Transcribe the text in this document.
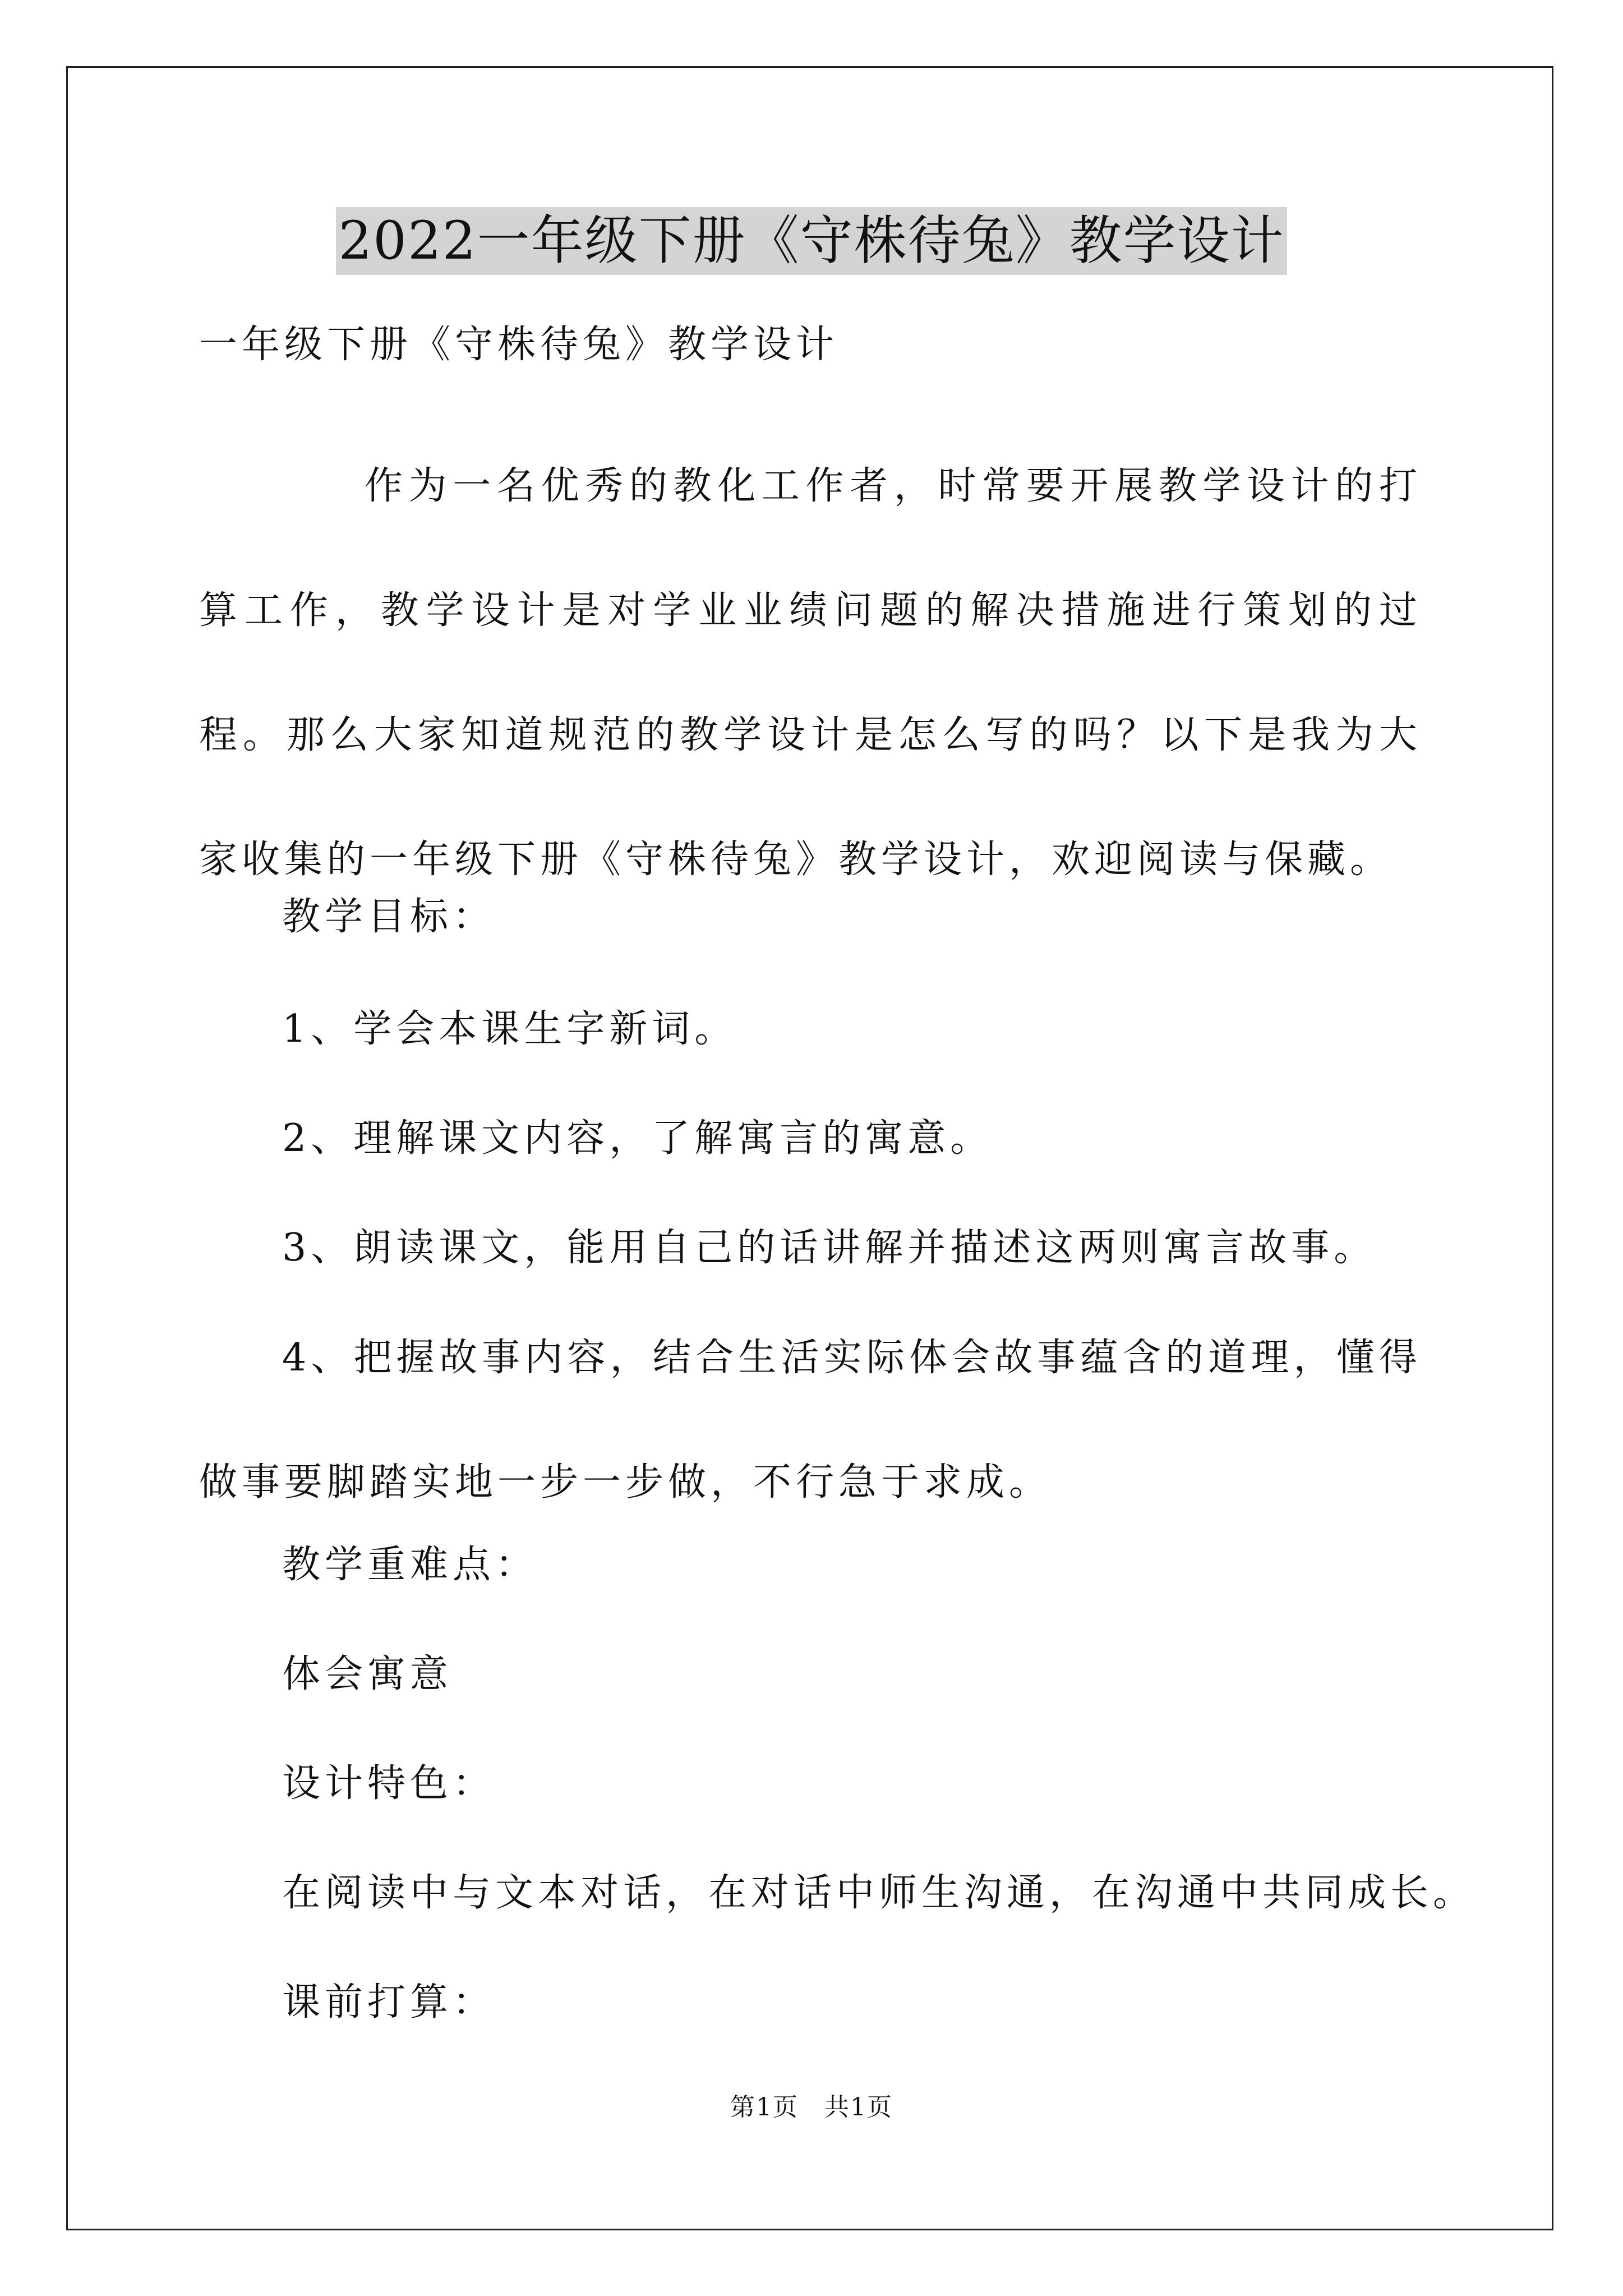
2022一年级下册《守株待兔》教学设计
一年级下册《守株待兔》教学设计
作为一名优秀的教化工作者，时常要开展教学设计的打算工作，教学设计是对学业业绩问题的解决措施进行策划的过程。那么大家知道规范的教学设计是怎么写的吗？以下是我为大家收集的一年级下册《守株待兔》教学设计，欢迎阅读与保藏。
教学目标：
1、学会本课生字新词。
2、理解课文内容，了解寓言的寓意。
3、朗读课文，能用自己的话讲解并描述这两则寓言故事。
4、把握故事内容，结合生活实际体会故事蕴含的道理，懂得做事要脚踏实地一步一步做，不行急于求成。
教学重难点：
体会寓意
设计特色：
在阅读中与文本对话，在对话中师生沟通，在沟通中共同成长。
课前打算：
第1页　共1页
